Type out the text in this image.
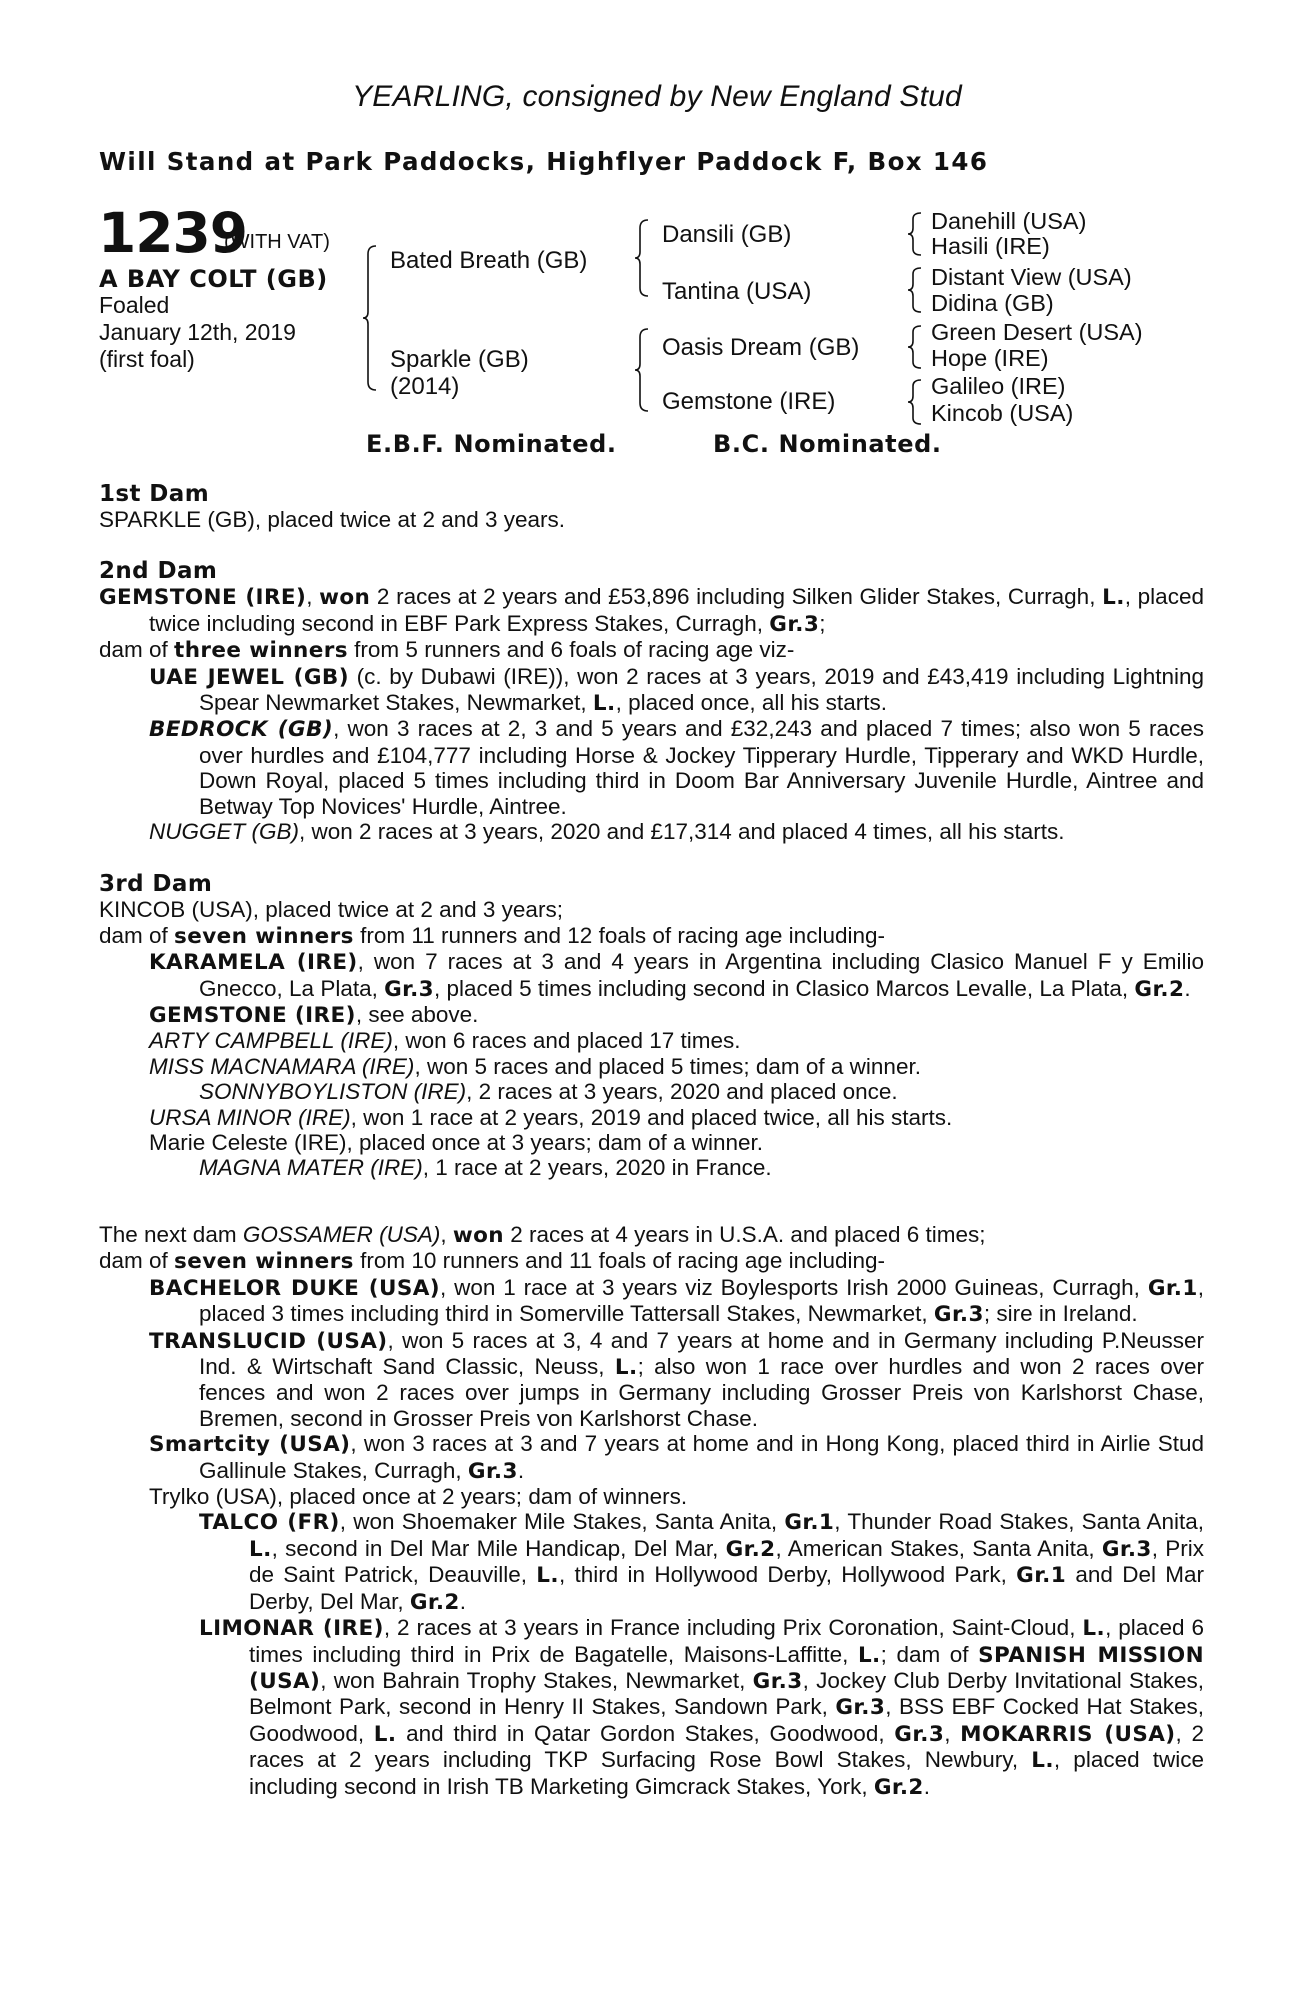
YEARLING, consigned by New England Stud
Will Stand at Park Paddocks, Highflyer Paddock F, Box 146
1239
(WITH VAT)
A BAY COLT (GB)
Foaled
January 12th, 2019
(first foal)
Bated Breath (GB)
Sparkle (GB)
(2014)
Dansili (GB)
Tantina (USA)
Oasis Dream (GB)
Gemstone (IRE)
Danehill (USA)
Hasili (IRE)
Distant View (USA)
Didina (GB)
Green Desert (USA)
Hope (IRE)
Galileo (IRE)
Kincob (USA)
E.B.F. Nominated.	B.C. Nominated.
1st Dam

SPARKLE (GB), placed twice at 2 and 3 years.

2nd Dam

GEMSTONE (IRE), won 2 races at 2 years and £53,896 including Silken Glider Stakes, Curragh, L., placed twice including second in EBF Park Express Stakes, Curragh, Gr.3;

dam of three winners from 5 runners and 6 foals of racing age viz-

UAE JEWEL (GB) (c. by Dubawi (IRE)), won 2 races at 3 years, 2019 and £43,419 including Lightning Spear Newmarket Stakes, Newmarket, L., placed once, all his starts.

BEDROCK (GB), won 3 races at 2, 3 and 5 years and £32,243 and placed 7 times; also won 5 races over hurdles and £104,777 including Horse & Jockey Tipperary Hurdle, Tipperary and WKD Hurdle, Down Royal, placed 5 times including third in Doom Bar Anniversary Juvenile Hurdle, Aintree and Betway Top Novices' Hurdle, Aintree.

NUGGET (GB), won 2 races at 3 years, 2020 and £17,314 and placed 4 times, all his starts.

3rd Dam

KINCOB (USA), placed twice at 2 and 3 years;

dam of seven winners from 11 runners and 12 foals of racing age including-

KARAMELA (IRE), won 7 races at 3 and 4 years in Argentina including Clasico Manuel F y Emilio Gnecco, La Plata, Gr.3, placed 5 times including second in Clasico Marcos Levalle, La Plata, Gr.2.

GEMSTONE (IRE), see above.

ARTY CAMPBELL (IRE), won 6 races and placed 17 times.

MISS MACNAMARA (IRE), won 5 races and placed 5 times; dam of a winner.

SONNYBOYLISTON (IRE), 2 races at 3 years, 2020 and placed once.

URSA MINOR (IRE), won 1 race at 2 years, 2019 and placed twice, all his starts.

Marie Celeste (IRE), placed once at 3 years; dam of a winner.

MAGNA MATER (IRE), 1 race at 2 years, 2020 in France.

The next dam GOSSAMER (USA), won 2 races at 4 years in U.S.A. and placed 6 times;

dam of seven winners from 10 runners and 11 foals of racing age including-

BACHELOR DUKE (USA), won 1 race at 3 years viz Boylesports Irish 2000 Guineas, Curragh, Gr.1, placed 3 times including third in Somerville Tattersall Stakes, Newmarket, Gr.3; sire in Ireland.

TRANSLUCID (USA), won 5 races at 3, 4 and 7 years at home and in Germany including P.Neusser Ind. & Wirtschaft Sand Classic, Neuss, L.; also won 1 race over hurdles and won 2 races over fences and won 2 races over jumps in Germany including Grosser Preis von Karlshorst Chase, Bremen, second in Grosser Preis von Karlshorst Chase.

Smartcity (USA), won 3 races at 3 and 7 years at home and in Hong Kong, placed third in Airlie Stud Gallinule Stakes, Curragh, Gr.3.

Trylko (USA), placed once at 2 years; dam of winners.

TALCO (FR), won Shoemaker Mile Stakes, Santa Anita, Gr.1, Thunder Road Stakes, Santa Anita, L., second in Del Mar Mile Handicap, Del Mar, Gr.2, American Stakes, Santa Anita, Gr.3, Prix de Saint Patrick, Deauville, L., third in Hollywood Derby, Hollywood Park, Gr.1 and Del Mar Derby, Del Mar, Gr.2.

LIMONAR (IRE), 2 races at 3 years in France including Prix Coronation, Saint-Cloud, L., placed 6 times including third in Prix de Bagatelle, Maisons-Laffitte, L.; dam of SPANISH MISSION (USA), won Bahrain Trophy Stakes, Newmarket, Gr.3, Jockey Club Derby Invitational Stakes, Belmont Park, second in Henry II Stakes, Sandown Park, Gr.3, BSS EBF Cocked Hat Stakes, Goodwood, L. and third in Qatar Gordon Stakes, Goodwood, Gr.3, MOKARRIS (USA), 2 races at 2 years including TKP Surfacing Rose Bowl Stakes, Newbury, L., placed twice including second in Irish TB Marketing Gimcrack Stakes, York, Gr.2.
